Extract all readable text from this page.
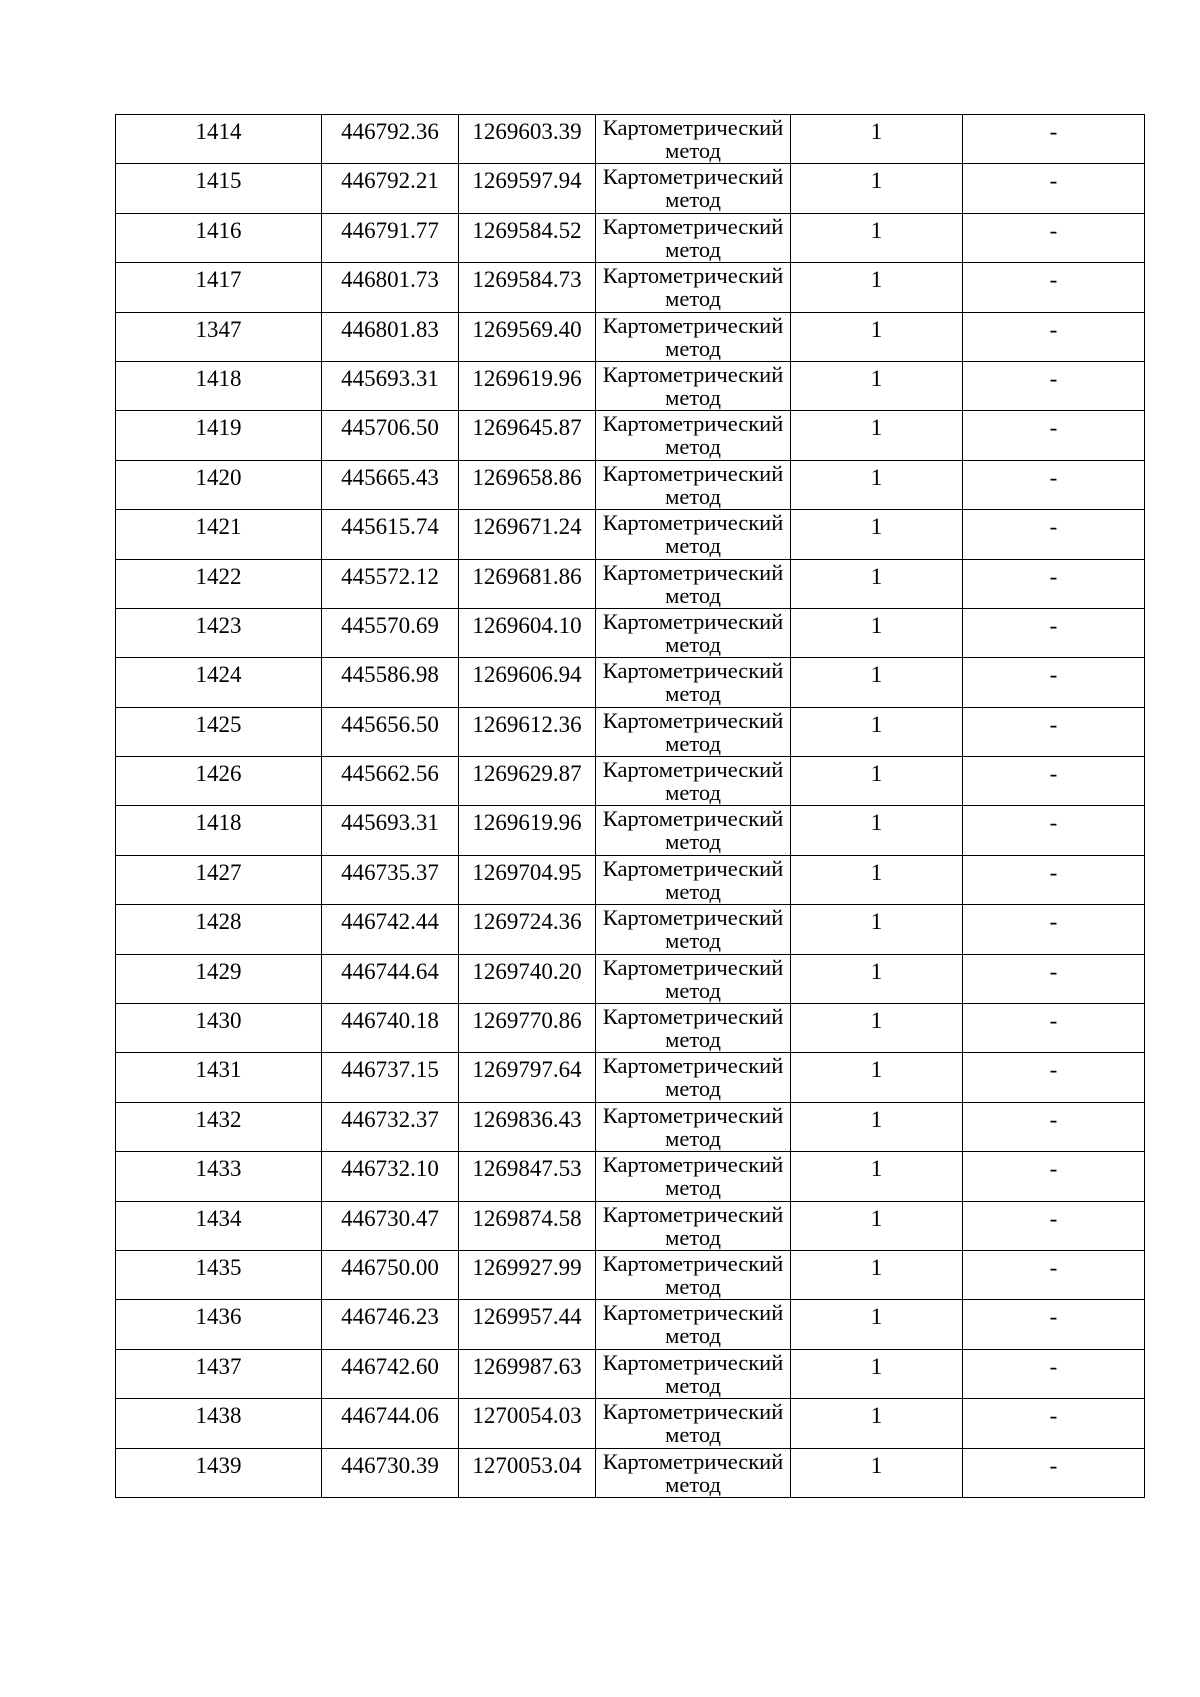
1414	446792.36	1269603.39	Картометрический
метод	1	-
1415	446792.21	1269597.94	Картометрический
метод	1	-
1416	446791.77	1269584.52	Картометрический
метод	1	-
1417	446801.73	1269584.73	Картометрический
метод	1	-
1347	446801.83	1269569.40	Картометрический
метод	1	-
1418	445693.31	1269619.96	Картометрический
метод	1	-
1419	445706.50	1269645.87	Картометрический
метод	1	-
1420	445665.43	1269658.86	Картометрический
метод	1	-
1421	445615.74	1269671.24	Картометрический
метод	1	-
1422	445572.12	1269681.86	Картометрический
метод	1	-
1423	445570.69	1269604.10	Картометрический
метод	1	-
1424	445586.98	1269606.94	Картометрический
метод	1	-
1425	445656.50	1269612.36	Картометрический
метод	1	-
1426	445662.56	1269629.87	Картометрический
метод	1	-
1418	445693.31	1269619.96	Картометрический
метод	1	-
1427	446735.37	1269704.95	Картометрический
метод	1	-
1428	446742.44	1269724.36	Картометрический
метод	1	-
1429	446744.64	1269740.20	Картометрический
метод	1	-
1430	446740.18	1269770.86	Картометрический
метод	1	-
1431	446737.15	1269797.64	Картометрический
метод	1	-
1432	446732.37	1269836.43	Картометрический
метод	1	-
1433	446732.10	1269847.53	Картометрический
метод	1	-
1434	446730.47	1269874.58	Картометрический
метод	1	-
1435	446750.00	1269927.99	Картометрический
метод	1	-
1436	446746.23	1269957.44	Картометрический
метод	1	-
1437	446742.60	1269987.63	Картометрический
метод	1	-
1438	446744.06	1270054.03	Картометрический
метод	1	-
1439	446730.39	1270053.04	Картометрический
метод	1	-
